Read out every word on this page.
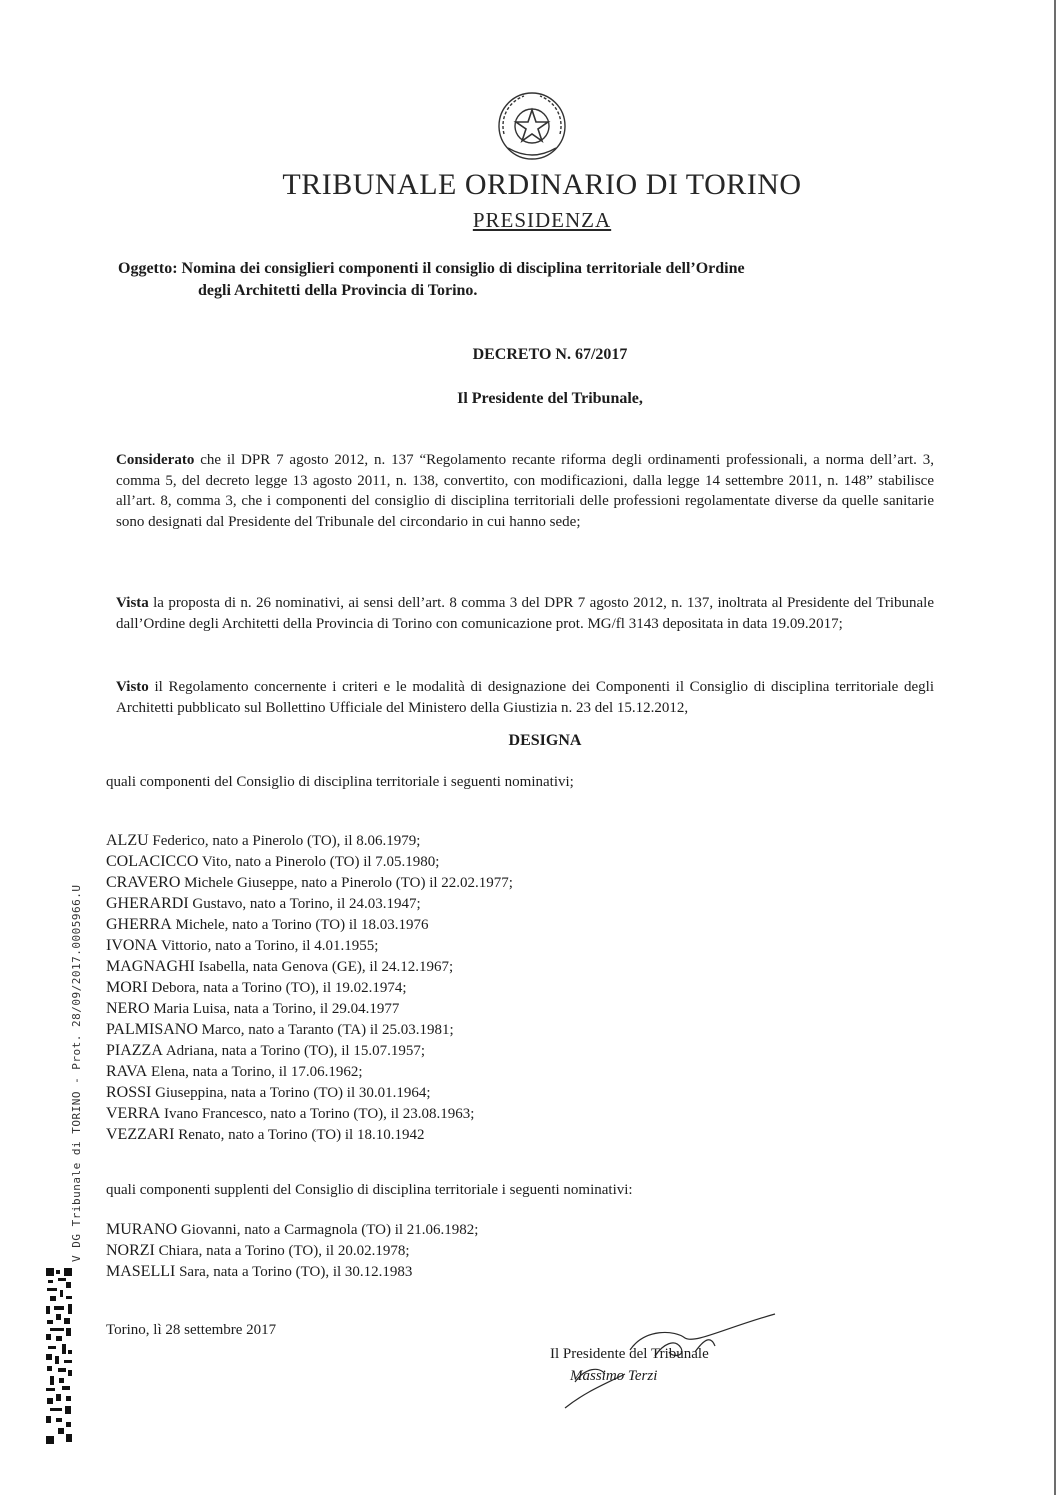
TRIBUNALE ORDINARIO DI TORINO
PRESIDENZA
Oggetto: Nomina dei consiglieri componenti il consiglio di disciplina territoriale dell’Ordine
degli Architetti della Provincia di Torino.
DECRETO N. 67/2017
Il Presidente del Tribunale,
Considerato che il DPR 7 agosto 2012, n. 137 “Regolamento recante riforma degli ordinamenti professionali, a norma dell’art. 3, comma 5, del decreto legge 13 agosto 2011, n. 138, convertito, con modificazioni, dalla legge 14 settembre 2011, n. 148” stabilisce all’art. 8, comma 3, che i componenti del consiglio di disciplina territoriali delle professioni regolamentate diverse da quelle sanitarie sono designati dal Presidente del Tribunale del circondario in cui hanno sede;
Vista la proposta di n. 26 nominativi, ai sensi dell’art. 8 comma 3 del DPR 7 agosto 2012, n. 137, inoltrata al Presidente del Tribunale dall’Ordine degli Architetti della Provincia di Torino con comunicazione prot. MG/fl 3143 depositata in data 19.09.2017;
Visto il Regolamento concernente i criteri e le modalità di designazione dei Componenti il Consiglio di disciplina territoriale degli Architetti pubblicato sul Bollettino Ufficiale del Ministero della Giustizia n. 23 del 15.12.2012,
DESIGNA
quali componenti del Consiglio di disciplina territoriale i seguenti nominativi;
ALZU Federico, nato a Pinerolo (TO), il 8.06.1979;
COLACICCO Vito, nato a Pinerolo (TO) il 7.05.1980;
CRAVERO Michele Giuseppe, nato a Pinerolo (TO) il 22.02.1977;
GHERARDI Gustavo, nato a Torino, il 24.03.1947;
GHERRA Michele, nato a Torino (TO) il 18.03.1976
IVONA Vittorio, nato a Torino, il 4.01.1955;
MAGNAGHI Isabella, nata Genova (GE), il 24.12.1967;
MORI Debora, nata a Torino (TO), il 19.02.1974;
NERO Maria Luisa, nata a Torino, il 29.04.1977
PALMISANO Marco, nato a Taranto (TA) il 25.03.1981;
PIAZZA Adriana, nata a Torino (TO), il 15.07.1957;
RAVA Elena, nata a Torino, il 17.06.1962;
ROSSI Giuseppina, nata a Torino (TO) il 30.01.1964;
VERRA Ivano Francesco, nato a Torino (TO), il 23.08.1963;
VEZZARI Renato, nato a Torino (TO) il 18.10.1942
quali componenti supplenti del Consiglio di disciplina territoriale i seguenti nominativi:
MURANO Giovanni, nato a Carmagnola (TO) il 21.06.1982;
NORZI Chiara, nata a Torino (TO), il 20.02.1978;
MASELLI Sara, nata a Torino (TO), il 30.12.1983
Torino, lì 28 settembre 2017
Il Presidente del Tribunale
Massimo Terzi
V DG Tribunale di TORINO - Prot. 28/09/2017.0005966.U
